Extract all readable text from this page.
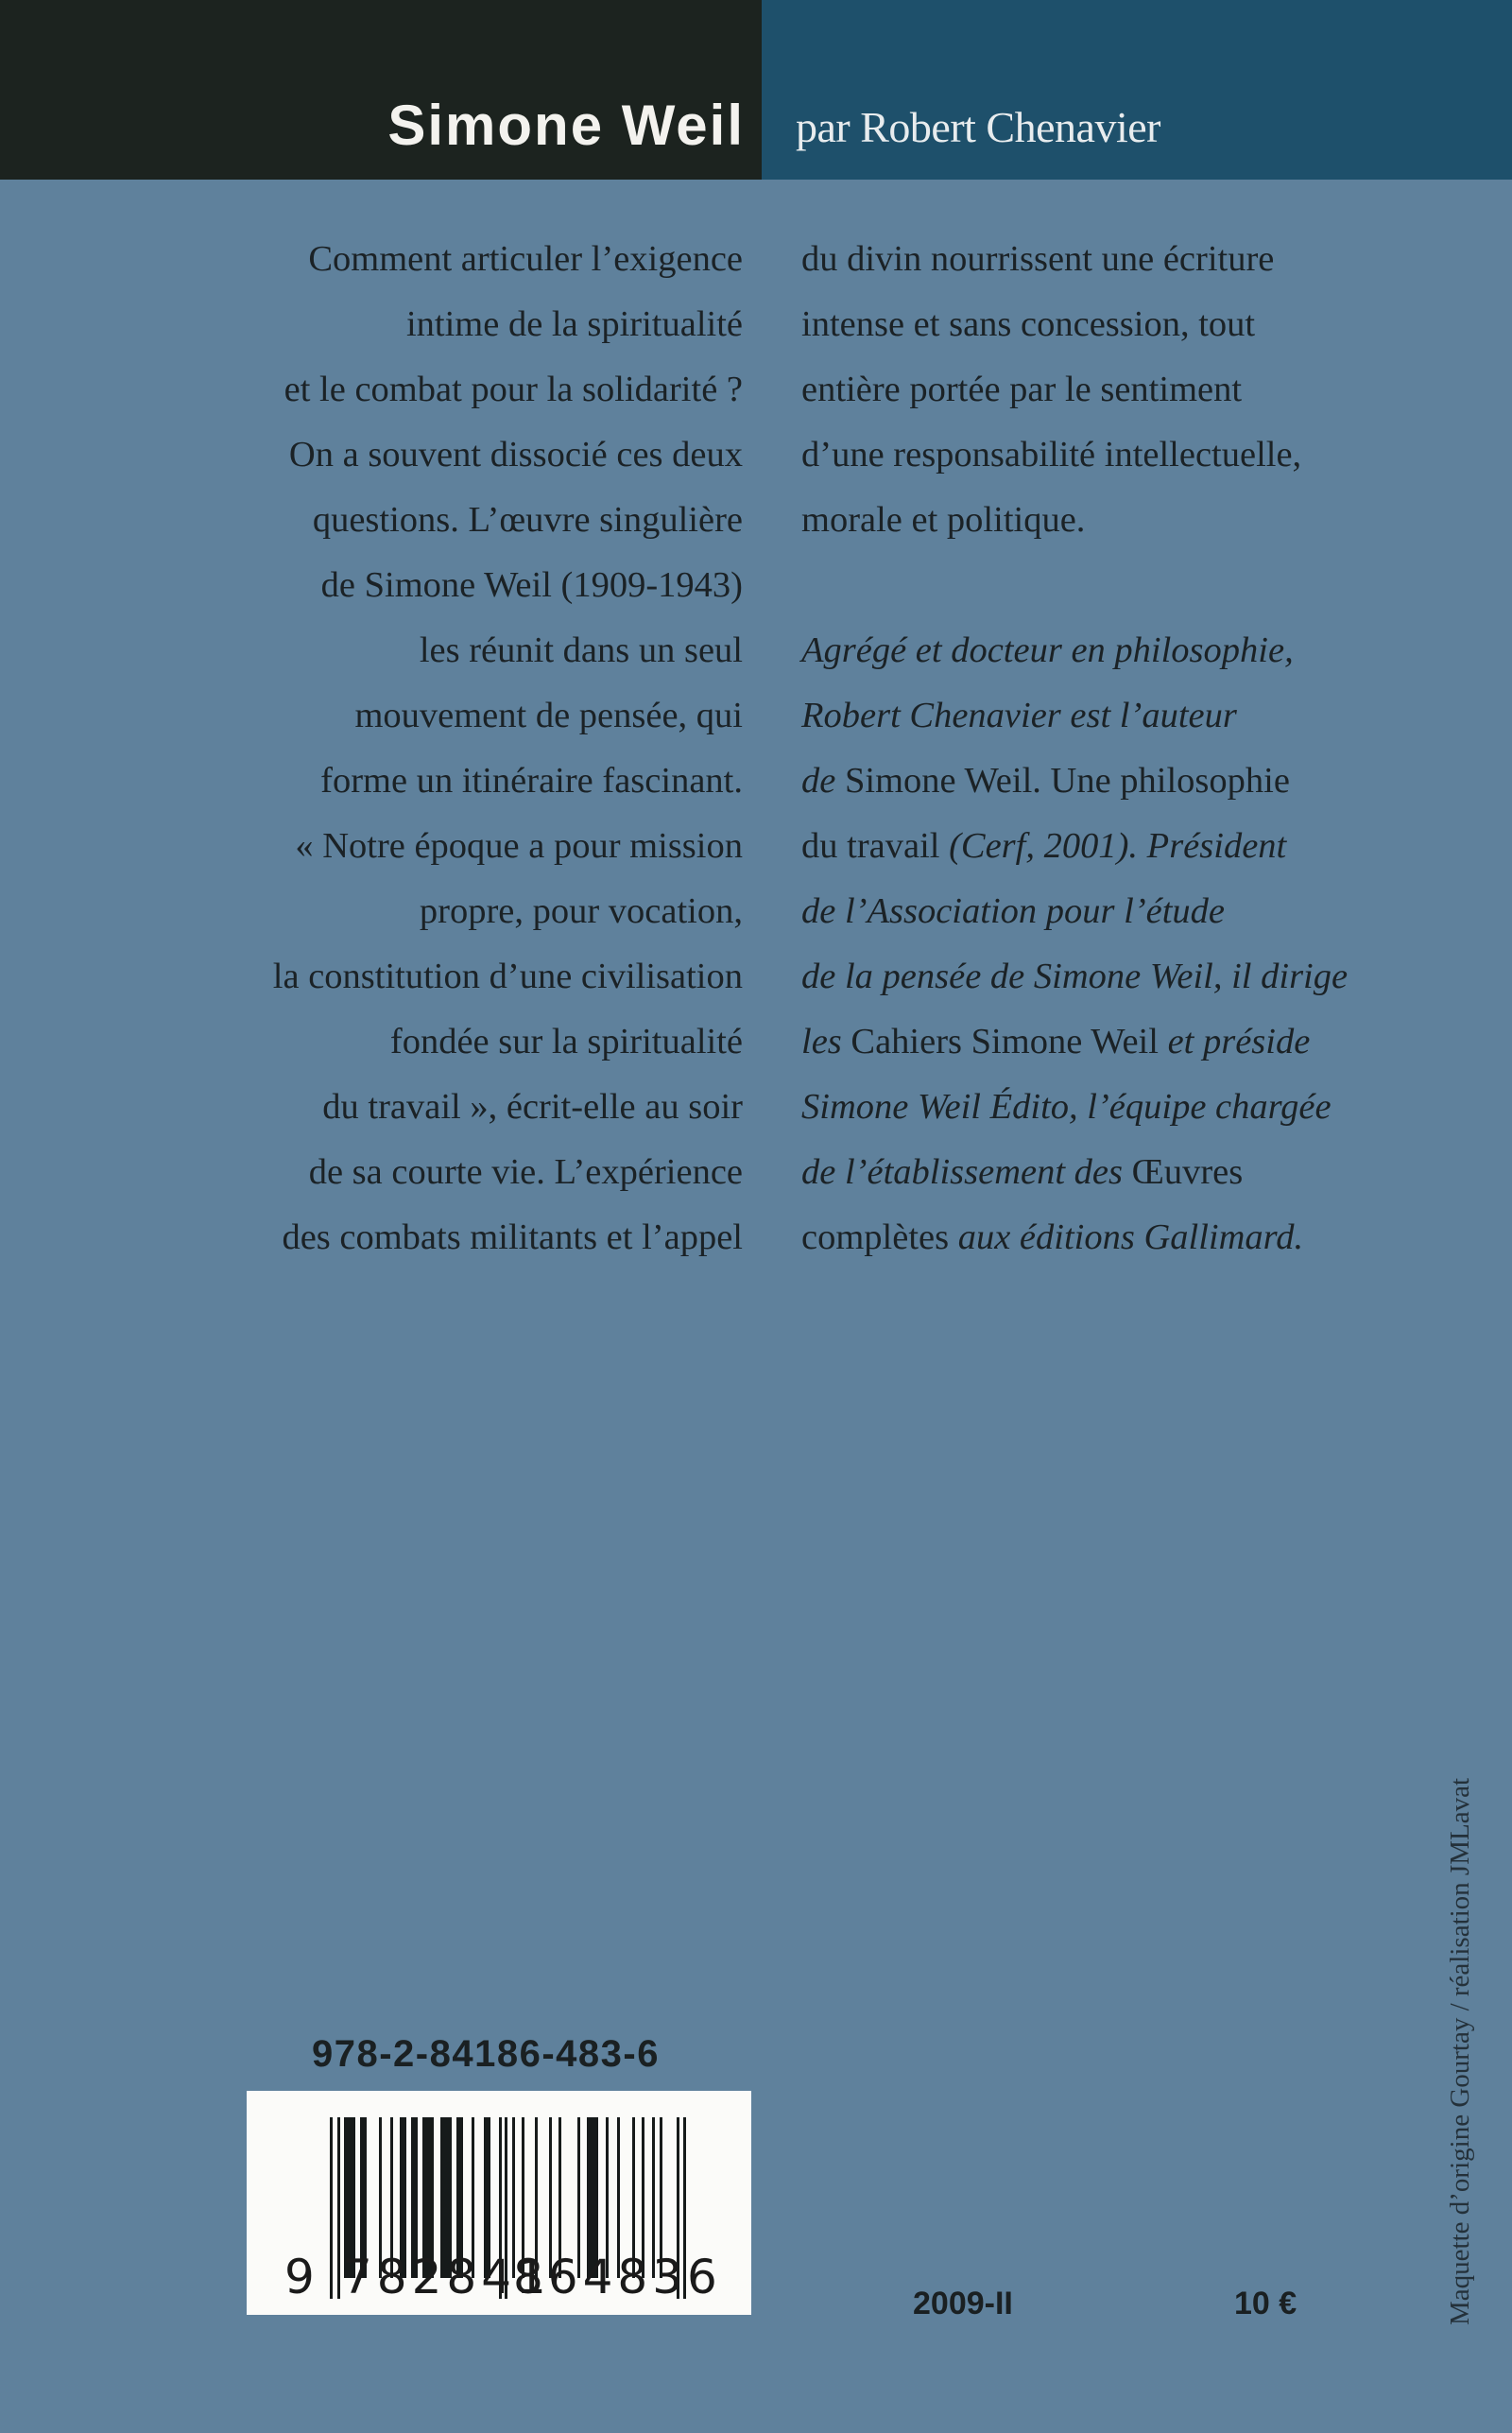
Simone Weil par Robert Chenavier
Comment articuler l’exigence
intime de la spiritualité
et le combat pour la solidarité ?
On a souvent dissocié ces deux
questions. L’œuvre singulière
de Simone Weil (1909-1943)
les réunit dans un seul
mouvement de pensée, qui
forme un itinéraire fascinant.
« Notre époque a pour mission
propre, pour vocation,
la constitution d’une civilisation
fondée sur la spiritualité
du travail », écrit-elle au soir
de sa courte vie. L’expérience
des combats militants et l’appel
du divin nourrissent une écriture
intense et sans concession, tout
entière portée par le sentiment
d’une responsabilité intellectuelle,
morale et politique.
Agrégé et docteur en philosophie,
Robert Chenavier est l’auteur
de Simone Weil. Une philosophie
du travail (Cerf, 2001). Président
de l’Association pour l’étude
de la pensée de Simone Weil, il dirige
les Cahiers Simone Weil et préside
Simone Weil Édito, l’équipe chargée
de l’établissement des Œuvres
complètes aux éditions Gallimard.
978-2-84186-483-6
9 782841
864836	2009-II	10 €	Maquette d’origine Gourtay / réalisation JMLavat
